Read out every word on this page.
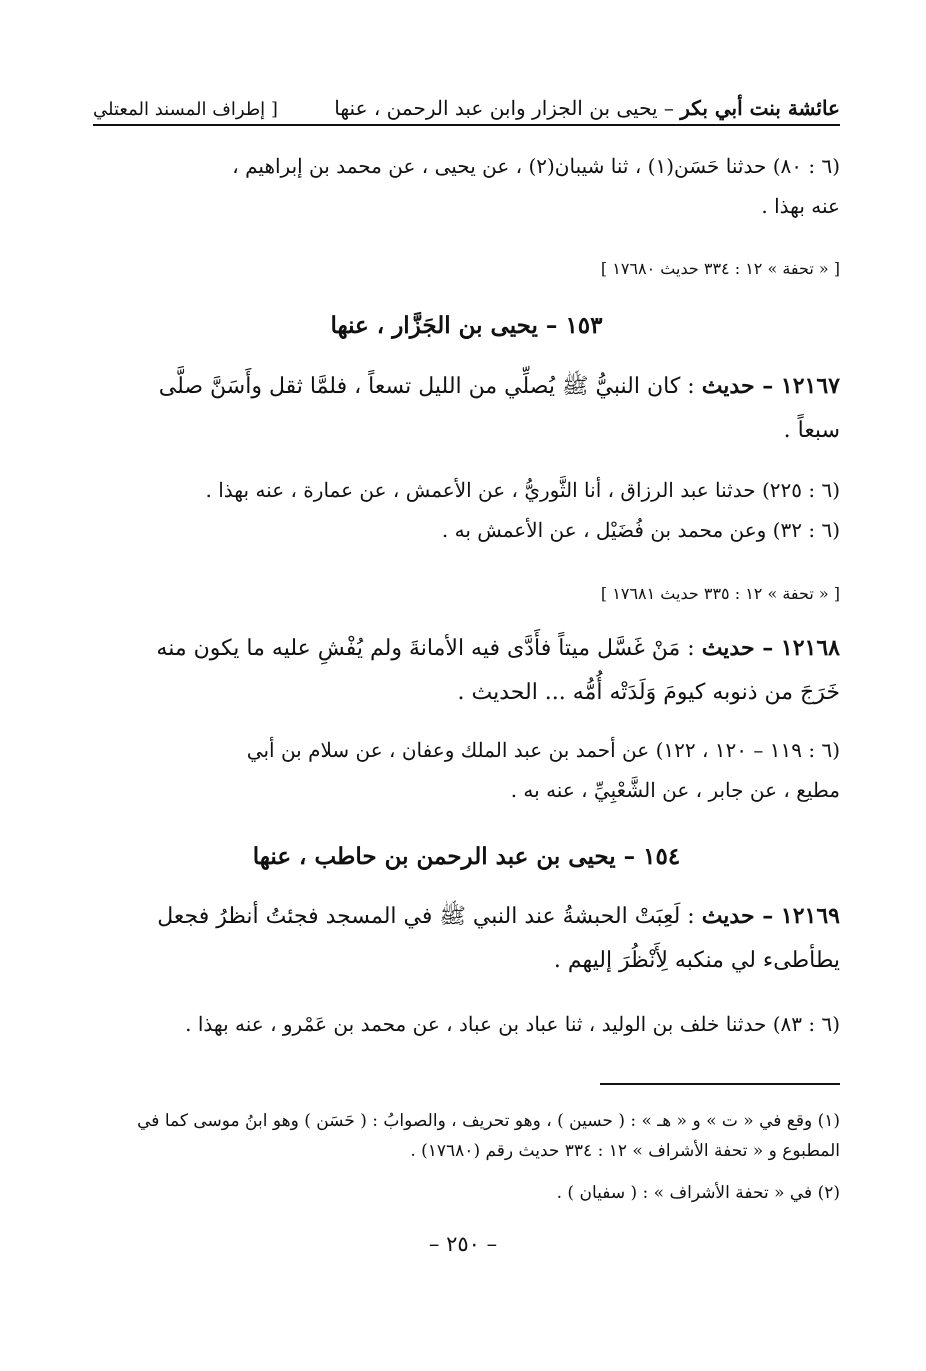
عائشة بنت أبي بكر – يحيى بن الجزار وابن عبد الرحمن ، عنها
[ إطراف المسند المعتلي
(٦ : ٨٠) حدثنا حَسَن(١) ، ثنا شيبان(٢) ، عن يحيى ، عن محمد بن إبراهيم ،
عنه بهذا .
[ « تحفة » ١٢ : ٣٣٤ حديث ١٧٦٨٠ ]
١٥٣ – يحيى بن الجَزَّار ، عنها
١٢١٦٧ – حديث : كان النبيُّ ﷺ يُصلِّي من الليل تسعاً ، فلمَّا ثقل وأَسَنَّ صلَّى
سبعاً .
(٦ : ٢٢٥) حدثنا عبد الرزاق ، أنا الثَّوريُّ ، عن الأعمش ، عن عمارة ، عنه بهذا .
(٦ : ٣٢) وعن محمد بن فُضَيْل ، عن الأعمش به .
[ « تحفة » ١٢ : ٣٣٥ حديث ١٧٦٨١ ]
١٢١٦٨ – حديث : مَنْ غَسَّل ميتاً فأَدَّى فيه الأمانةَ ولم يُفْشِ عليه ما يكون منه
خَرَجَ من ذنوبه كيومَ وَلَدَتْه أُمُّه ... الحديث .
(٦ : ١١٩ – ١٢٠ ، ١٢٢) عن أحمد بن عبد الملك وعفان ، عن سلام بن أبي
مطيع ، عن جابر ، عن الشَّعْبِيِّ ، عنه به .
١٥٤ – يحيى بن عبد الرحمن بن حاطب ، عنها
١٢١٦٩ – حديث : لَعِبَتْ الحبشةُ عند النبي ﷺ في المسجد فجئتُ أنظرُ فجعل
يطأطىء لي منكبه لِأَنْظُرَ إليهم .
(٦ : ٨٣) حدثنا خلف بن الوليد ، ثنا عباد بن عباد ، عن محمد بن عَمْرو ، عنه بهذا .
(١) وقع في « ت » و « هـ » : ( حسين ) ، وهو تحريف ، والصوابُ : ( حَسَن ) وهو ابنُ موسى كما في
المطبوع و « تحفة الأشراف » ١٢ : ٣٣٤ حديث رقم (١٧٦٨٠) .
(٢) في « تحفة الأشراف » : ( سفيان ) .
– ٢٥٠ –
